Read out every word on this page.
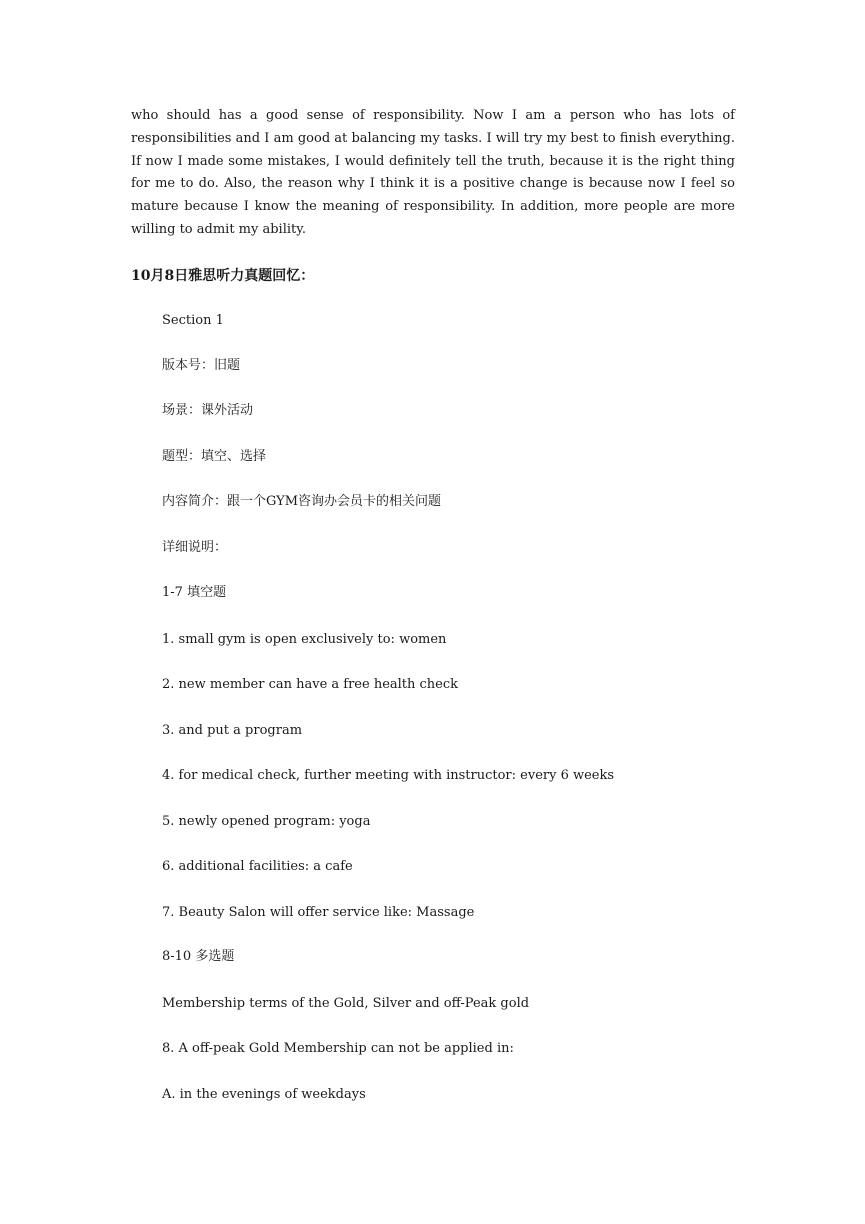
who should has a good sense of responsibility. Now I am a person who has lots of responsibilities and I am good at balancing my tasks. I will try my best to finish everything. If now I made some mistakes, I would definitely tell the truth, because it is the right thing for me to do. Also, the reason why I think it is a positive change is because now I feel so mature because I know the meaning of responsibility. In addition, more people are more willing to admit my ability.

10月8日雅思听力真题回忆：

Section 1

版本号：旧题

场景：课外活动

题型：填空、选择

内容简介：跟一个GYM咨询办会员卡的相关问题

详细说明：

1-7 填空题

1. small gym is open exclusively to: women

2. new member can have a free health check

3. and put a program

4. for medical check, further meeting with instructor: every 6 weeks

5. newly opened program: yoga

6. additional facilities: a cafe

7. Beauty Salon will offer service like: Massage

8-10 多选题

Membership terms of the Gold, Silver and off-Peak gold

8. A off-peak Gold Membership can not be applied in:

A. in the evenings of weekdays
